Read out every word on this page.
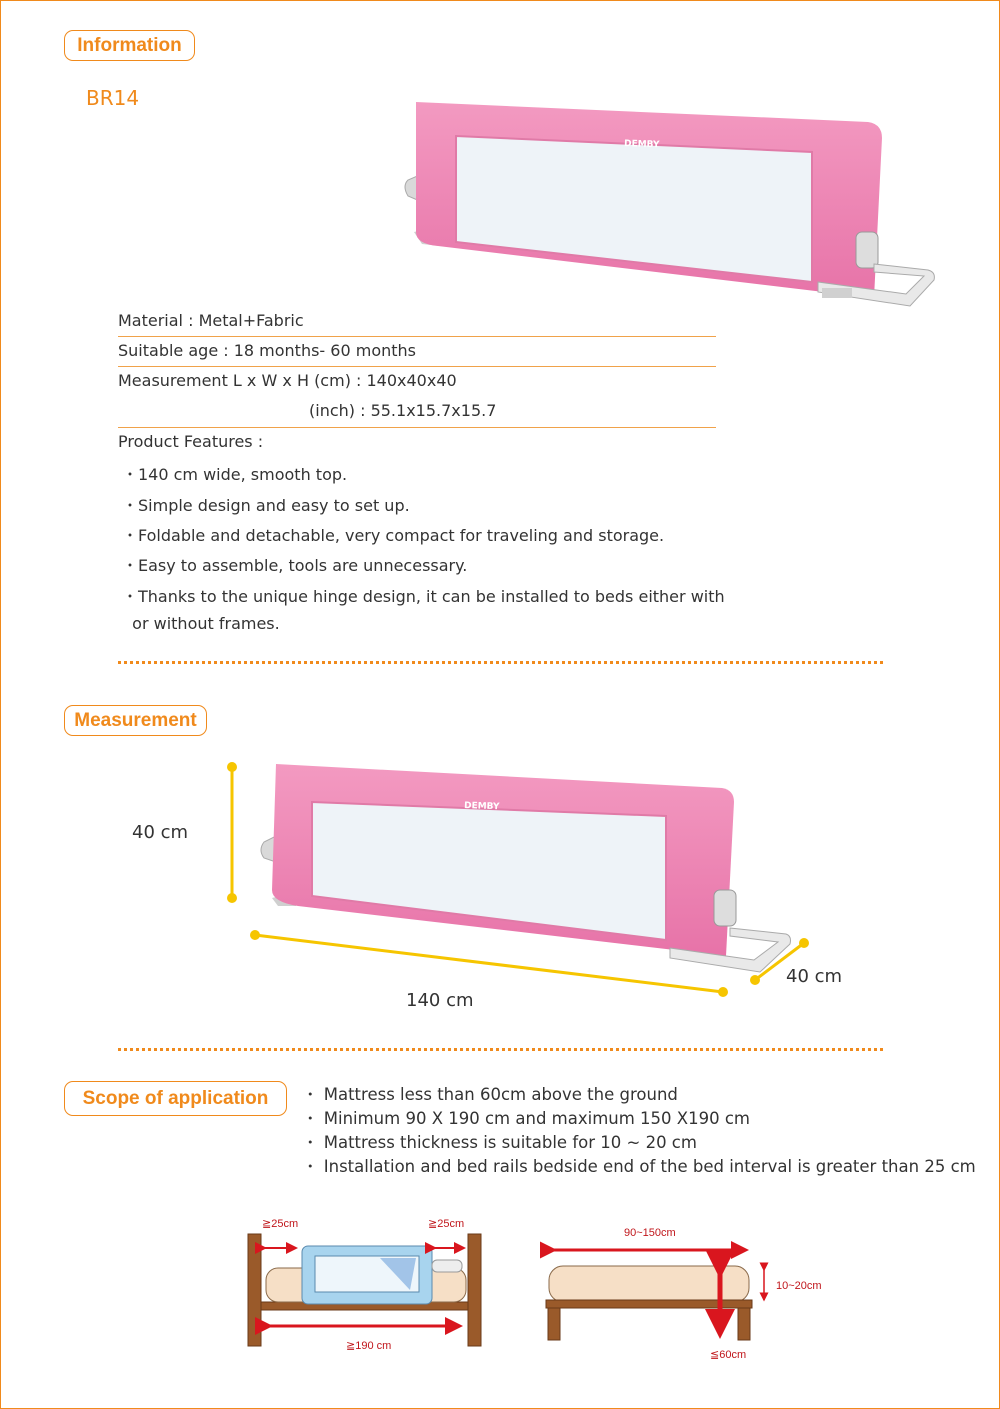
Information
BR14
DEMBY
Material : Metal+Fabric
Suitable age : 18 months- 60 months
Measurement L x W x H (cm) : 140x40x40
(inch) : 55.1x15.7x15.7
Product Features :
・140 cm wide, smooth top.
・Simple design and easy to set up.
・Foldable and detachable, very compact for traveling and storage.
・Easy to assemble, tools are unnecessary.
・Thanks to the unique hinge design, it can be installed to beds either with
or without frames.
Measurement
DEMBY
40 cm
140 cm
40 cm
Scope of application	・ Mattress less than 60cm above the ground
・ Minimum 90 X 190 cm and maximum 150 X190 cm
・ Mattress thickness is suitable for 10 ~ 20 cm
・ Installation and bed rails bedside end of the bed interval is greater than 25 cm
≧25cm	≧25cm
≧190 cm
90~150cm
10~20cm
≦60cm
